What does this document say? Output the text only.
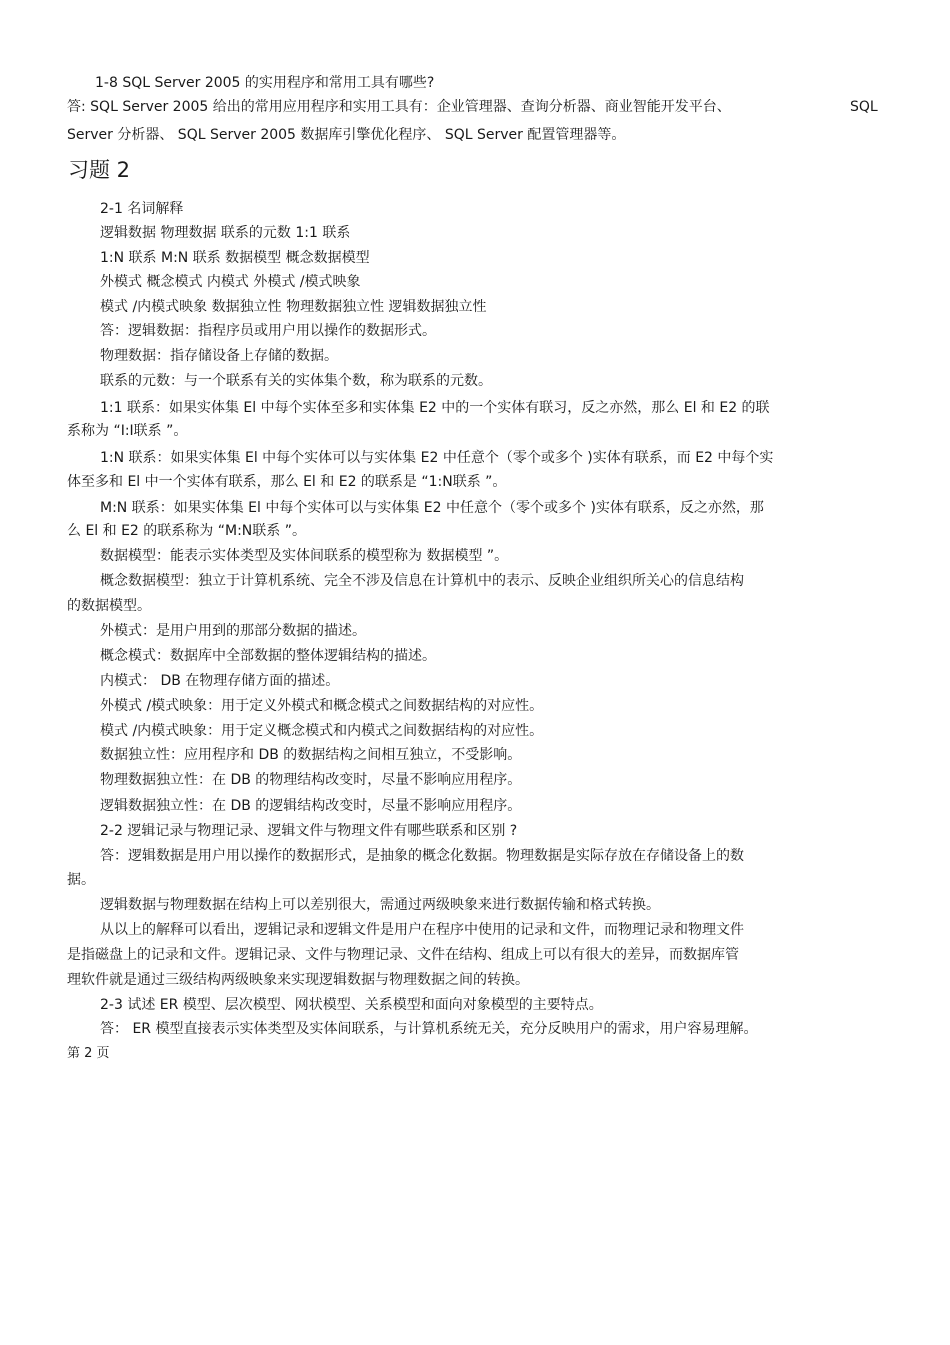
1-8 SQL Server 2005 的实用程序和常用工具有哪些?
答: SQL Server 2005 给出的常用应用程序和实用工具有：企业管理器、查询分析器、商业智能开发平台、	SQL
Server 分析器、 SQL Server 2005 数据库引擎优化程序、 SQL Server 配置管理器等。
习题 2
2-1 名词解释
逻辑数据 物理数据 联系的元数 1:1 联系
1:N 联系 M:N 联系 数据模型 概念数据模型
外模式 概念模式 内模式 外模式 /模式映象
模式 /内模式映象 数据独立性 物理数据独立性 逻辑数据独立性
答：逻辑数据：指程序员或用户用以操作的数据形式。
物理数据：指存储设备上存储的数据。
联系的元数：与一个联系有关的实体集个数，称为联系的元数。
1:1 联系：如果实体集 El 中每个实体至多和实体集 E2 中的一个实体有联习，反之亦然，那么 El 和 E2 的联
系称为 “I:I联系 ”。
1:N 联系：如果实体集 El 中每个实体可以与实体集 E2 中任意个（零个或多个 )实体有联系，而 E2 中每个实
体至多和 El 中一个实体有联系，那么 El 和 E2 的联系是 “1:N联系 ”。
M:N 联系：如果实体集 El 中每个实体可以与实体集 E2 中任意个（零个或多个 )实体有联系，反之亦然，那
么 El 和 E2 的联系称为 “M:N联系 ”。
数据模型：能表示实体类型及实体间联系的模型称为 数据模型 ”。
概念数据模型：独立于计算机系统、完全不涉及信息在计算机中的表示、反映企业组织所关心的信息结构
的数据模型。
外模式：是用户用到的那部分数据的描述。
概念模式：数据库中全部数据的整体逻辑结构的描述。
内模式： DB 在物理存储方面的描述。
外模式 /模式映象：用于定义外模式和概念模式之间数据结构的对应性。
模式 /内模式映象：用于定义概念模式和内模式之间数据结构的对应性。
数据独立性：应用程序和 DB 的数据结构之间相互独立，不受影响。
物理数据独立性：在 DB 的物理结构改变时，尽量不影响应用程序。
逻辑数据独立性：在 DB 的逻辑结构改变时，尽量不影响应用程序。
2-2 逻辑记录与物理记录、逻辑文件与物理文件有哪些联系和区别 ?
答：逻辑数据是用户用以操作的数据形式，是抽象的概念化数据。物理数据是实际存放在存储设备上的数
据。
逻辑数据与物理数据在结构上可以差别很大，需通过两级映象来进行数据传输和格式转换。
从以上的解释可以看出，逻辑记录和逻辑文件是用户在程序中使用的记录和文件，而物理记录和物理文件
是指磁盘上的记录和文件。逻辑记录、文件与物理记录、文件在结构、组成上可以有很大的差异，而数据库管
理软件就是通过三级结构两级映象来实现逻辑数据与物理数据之间的转换。
2-3 试述 ER 模型、层次模型、网状模型、关系模型和面向对象模型的主要特点。
答： ER 模型直接表示实体类型及实体间联系，与计算机系统无关，充分反映用户的需求，用户容易理解。
第 2 页
